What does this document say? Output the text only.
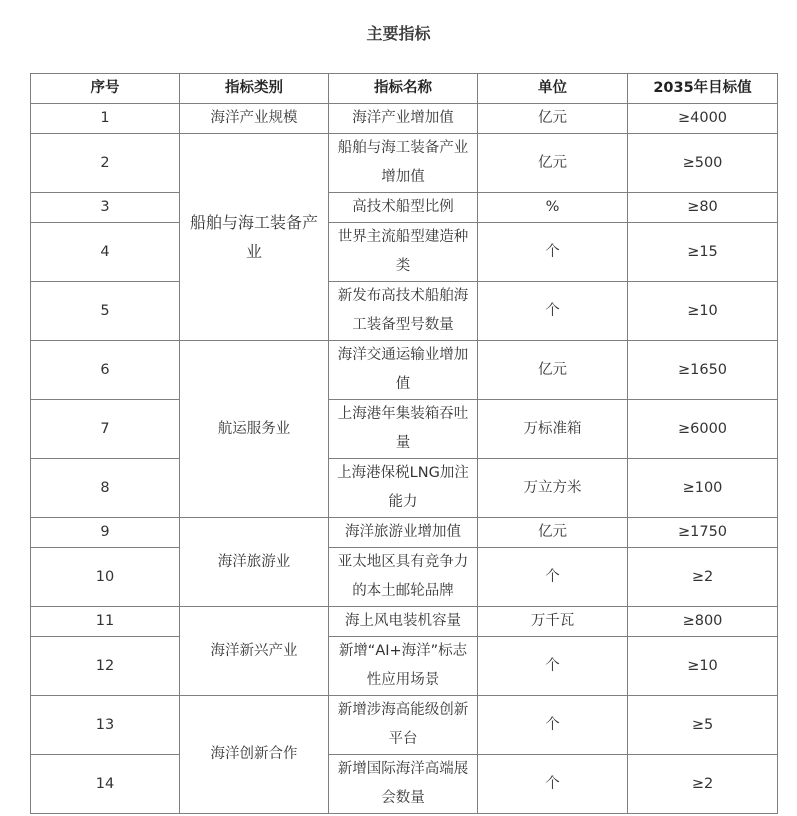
主要指标
序号	指标类别	指标名称	单位	2035年目标值
1	海洋产业规模	海洋产业增加值	亿元	≥4000
2	船舶与海工装备产业	船舶与海工装备产业增加值	亿元	≥500
3		高技术船型比例	%	≥80
4		世界主流船型建造种类	个	≥15
5		新发布高技术船舶海工装备型号数量	个	≥10
6	航运服务业	海洋交通运输业增加值	亿元	≥1650
7		上海港年集装箱吞吐量	万标准箱	≥6000
8		上海港保税LNG加注能力	万立方米	≥100
9	海洋旅游业	海洋旅游业增加值	亿元	≥1750
10		亚太地区具有竞争力的本土邮轮品牌	个	≥2
11	海洋新兴产业	海上风电装机容量	万千瓦	≥800
12		新增“AI+海洋”标志性应用场景	个	≥10
13	海洋创新合作	新增涉海高能级创新平台	个	≥5
14		新增国际海洋高端展会数量	个	≥2
